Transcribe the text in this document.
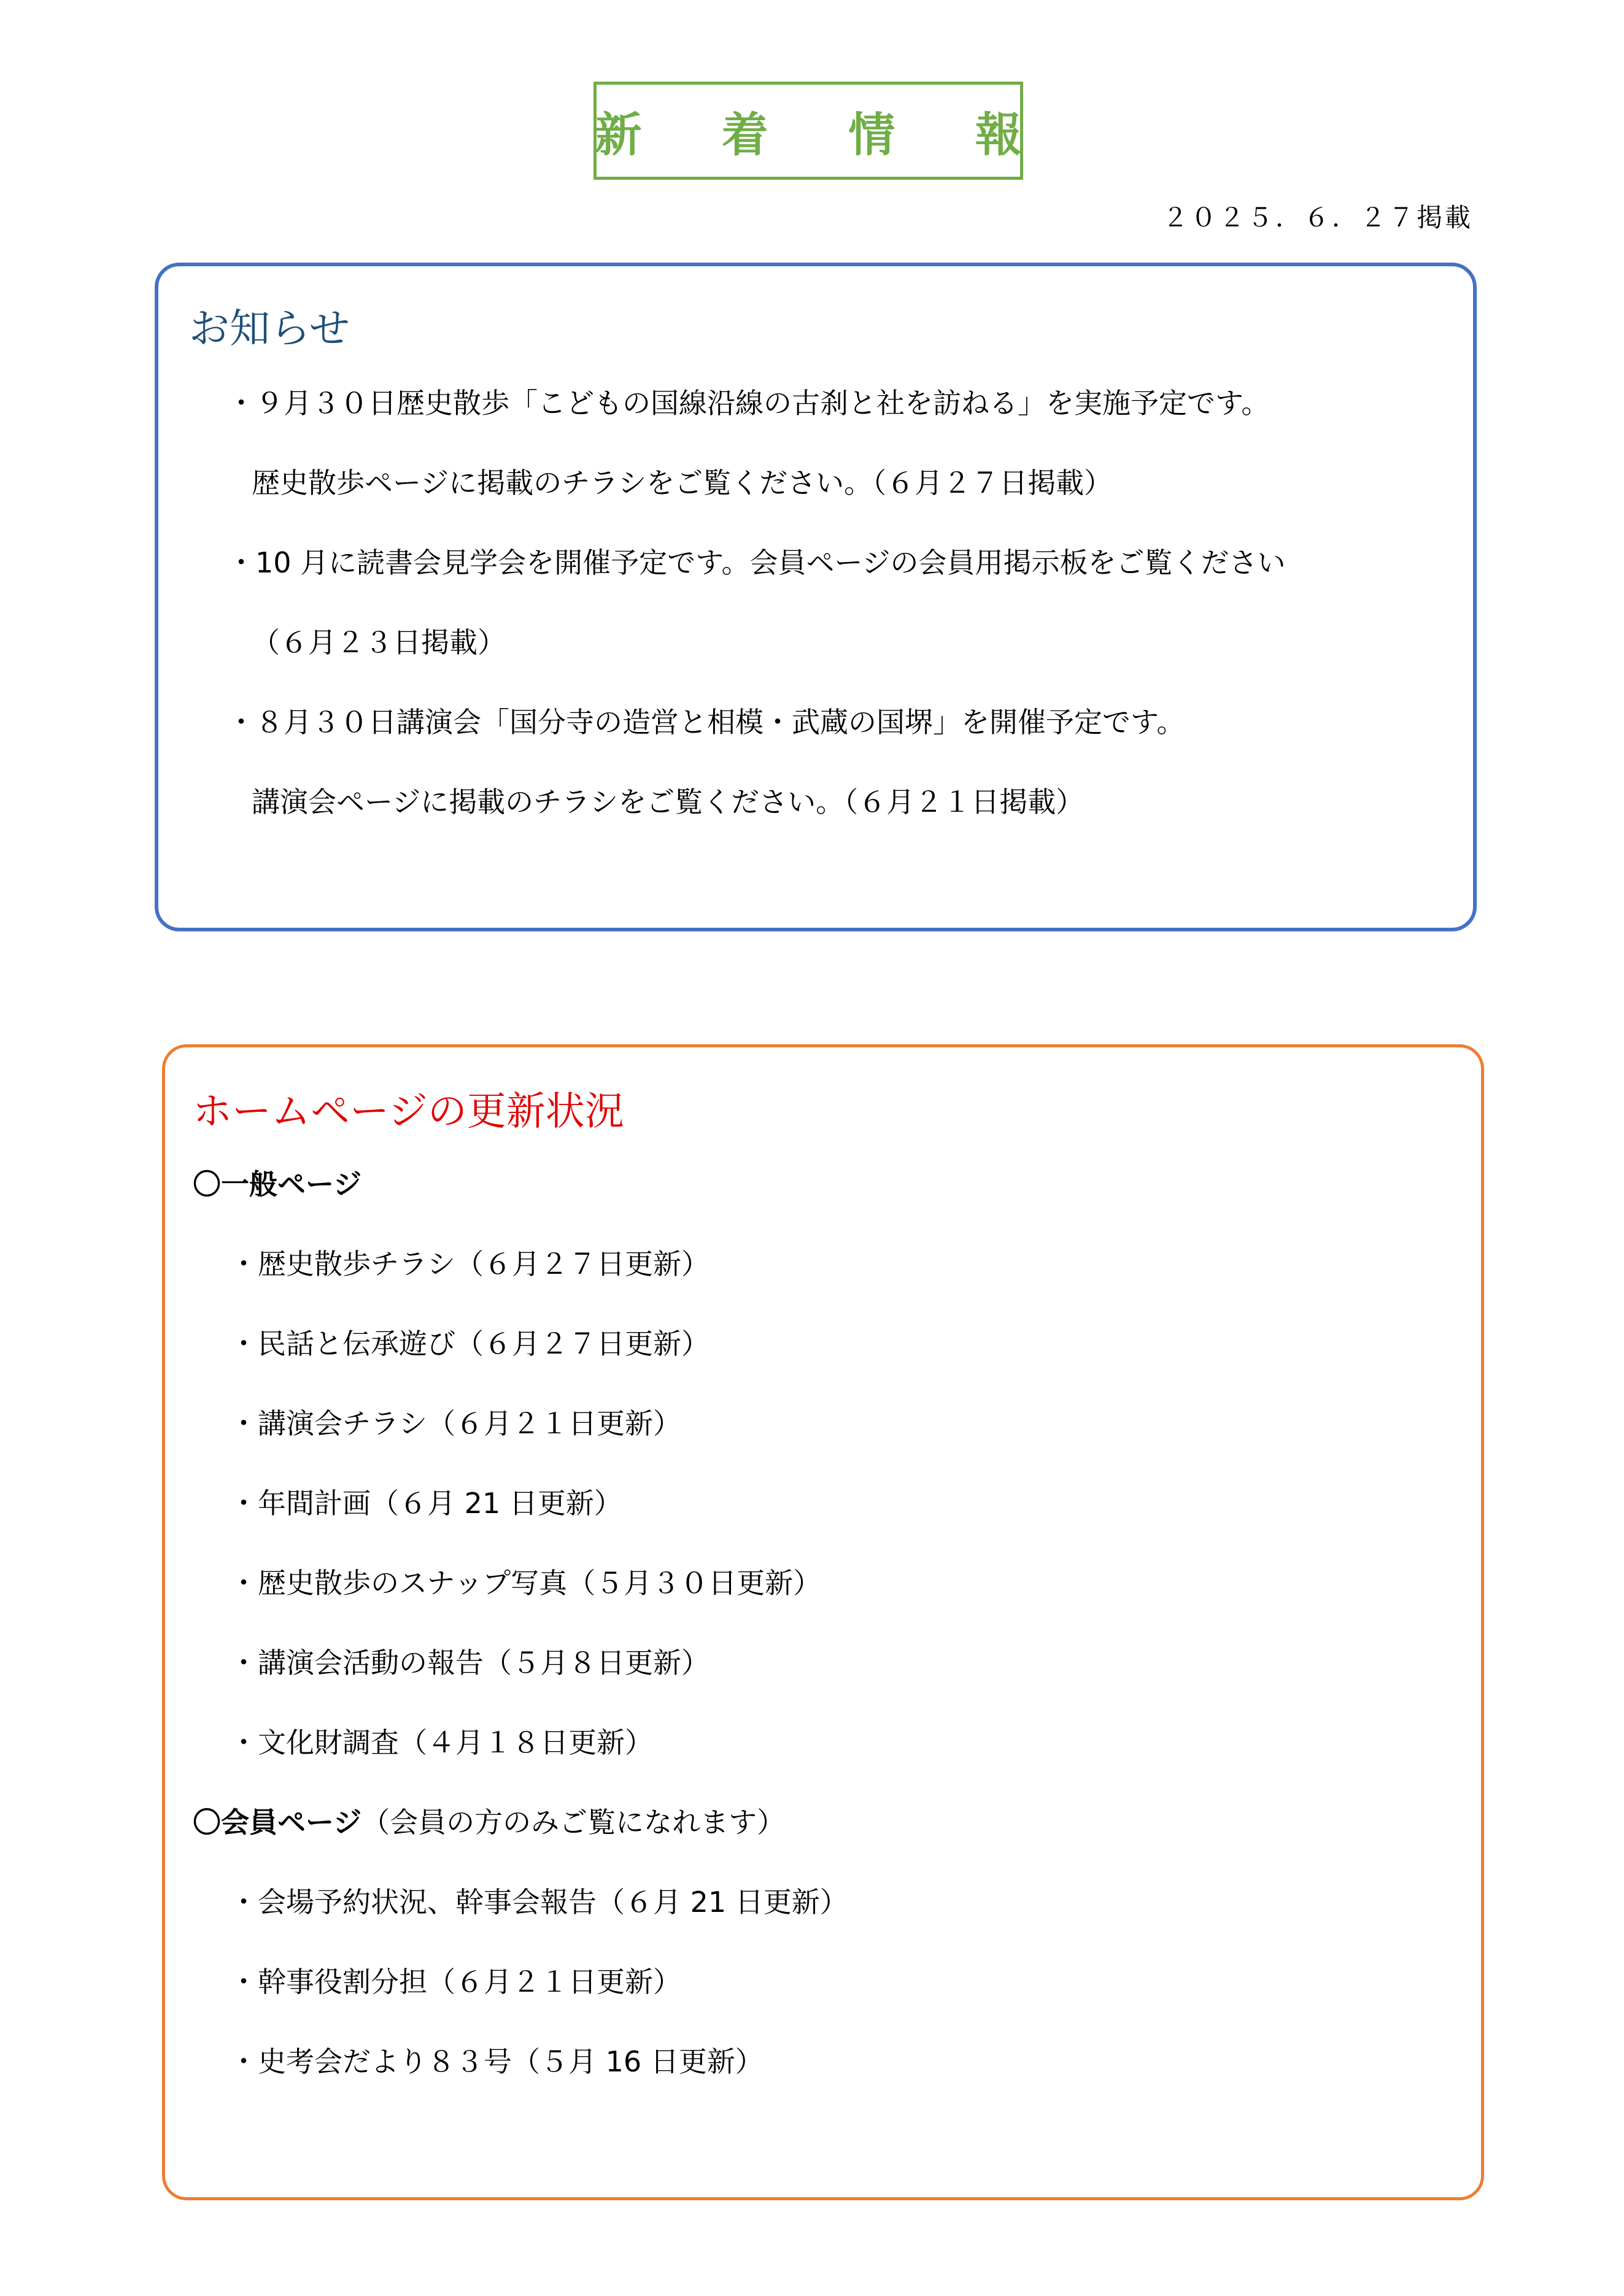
新 着 情 報
２０２５．６．２７掲載
お知らせ
・９月３０日歴史散歩「こどもの国線沿線の古刹と社を訪ねる」を実施予定です。
歴史散歩ページに掲載のチラシをご覧ください。（６月２７日掲載）
・10 月に読書会見学会を開催予定です。会員ページの会員用掲示板をご覧ください
（６月２３日掲載）
・８月３０日講演会「国分寺の造営と相模・武蔵の国堺」を開催予定です。
講演会ページに掲載のチラシをご覧ください。（６月２１日掲載）
ホームページの更新状況
〇一般ページ
・歴史散歩チラシ（６月２７日更新）
・民話と伝承遊び（６月２７日更新）
・講演会チラシ（６月２１日更新）
・年間計画（６月 21 日更新）
・歴史散歩のスナップ写真（５月３０日更新）
・講演会活動の報告（５月８日更新）
・文化財調査（４月１８日更新）
〇会員ページ（会員の方のみご覧になれます）
・会場予約状況、幹事会報告（６月 21 日更新）
・幹事役割分担（６月２１日更新）
・史考会だより８３号（５月 16 日更新）
